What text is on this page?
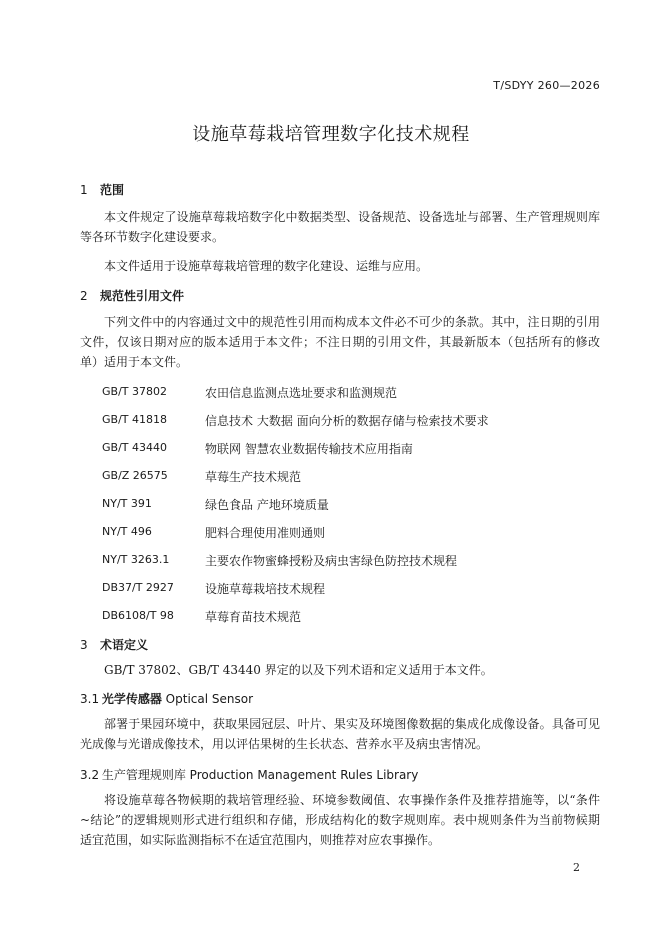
T/SDYY 260—2026
设施草莓栽培管理数字化技术规程
1 范围
本文件规定了设施草莓栽培数字化中数据类型、设备规范、设备选址与部署、生产管理规则库等各环节数字化建设要求。
本文件适用于设施草莓栽培管理的数字化建设、运维与应用。
2 规范性引用文件
下列文件中的内容通过文中的规范性引用而构成本文件必不可少的条款。其中，注日期的引用文件，仅该日期对应的版本适用于本文件；不注日期的引用文件，其最新版本（包括所有的修改单）适用于本文件。
GB/T 37802	农田信息监测点选址要求和监测规范
GB/T 41818	信息技术 大数据 面向分析的数据存储与检索技术要求
GB/T 43440	物联网 智慧农业数据传输技术应用指南
GB/Z 26575	草莓生产技术规范
NY/T 391	绿色食品 产地环境质量
NY/T 496	肥料合理使用准则通则
NY/T 3263.1	主要农作物蜜蜂授粉及病虫害绿色防控技术规程
DB37/T 2927	设施草莓栽培技术规程
DB6108/T 98	草莓育苗技术规范
3 术语定义
GB/T 37802、GB/T 43440 界定的以及下列术语和定义适用于本文件。
3.1 光学传感器 Optical Sensor
部署于果园环境中，获取果园冠层、叶片、果实及环境图像数据的集成化成像设备。具备可见光成像与光谱成像技术，用以评估果树的生长状态、营养水平及病虫害情况。
3.2 生产管理规则库 Production Management Rules Library
将设施草莓各物候期的栽培管理经验、环境参数阈值、农事操作条件及推荐措施等，以“条件~结论”的逻辑规则形式进行组织和存储，形成结构化的数字规则库。表中规则条件为当前物候期适宜范围，如实际监测指标不在适宜范围内，则推荐对应农事操作。
2
